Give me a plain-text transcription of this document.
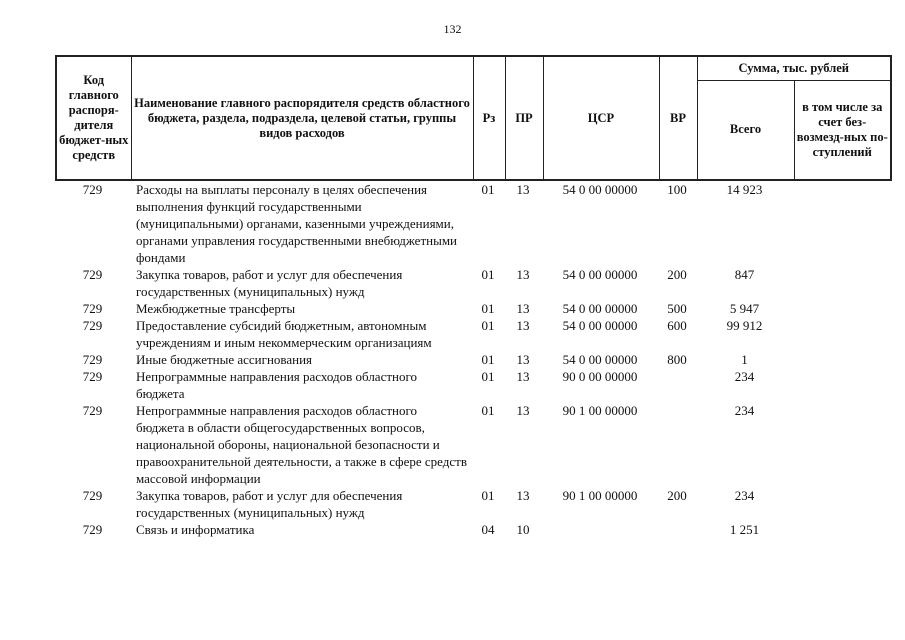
132
Код главного распоря-дителя бюджет-ных средств	Наименование главного распорядителя средств областного бюджета, раздела, подраздела, целевой статьи, группы видов расходов	Рз	ПР	ЦСР	ВР	Сумма, тыс. рублей	
						Всего	в том числе за счет без-возмезд-ных по-ступлений
729	Расходы на выплаты персоналу в целях обеспечения выполнения функций государственными (муниципальными) органами, казенными учреждениями, органами управления государственными внебюджетными фондами	01	13	54 0 00 00000	100	14 923	
729	Закупка товаров, работ и услуг для обеспечения государственных (муниципальных) нужд	01	13	54 0 00 00000	200	847	
729	Межбюджетные трансферты	01	13	54 0 00 00000	500	5 947	
729	Предоставление субсидий бюджетным, автономным учреждениям и иным некоммерческим организациям	01	13	54 0 00 00000	600	99 912	
729	Иные бюджетные ассигнования	01	13	54 0 00 00000	800	1	
729	Непрограммные направления расходов областного бюджета	01	13	90 0 00 00000		234	
729	Непрограммные направления расходов областного бюджета в области общегосударственных вопросов, национальной обороны, национальной безопасности и правоохранительной деятельности, а также в сфере средств массовой информации	01	13	90 1 00 00000		234	
729	Закупка товаров, работ и услуг для обеспечения государственных (муниципальных) нужд	01	13	90 1 00 00000	200	234	
729	Связь и информатика	04	10			1 251	
